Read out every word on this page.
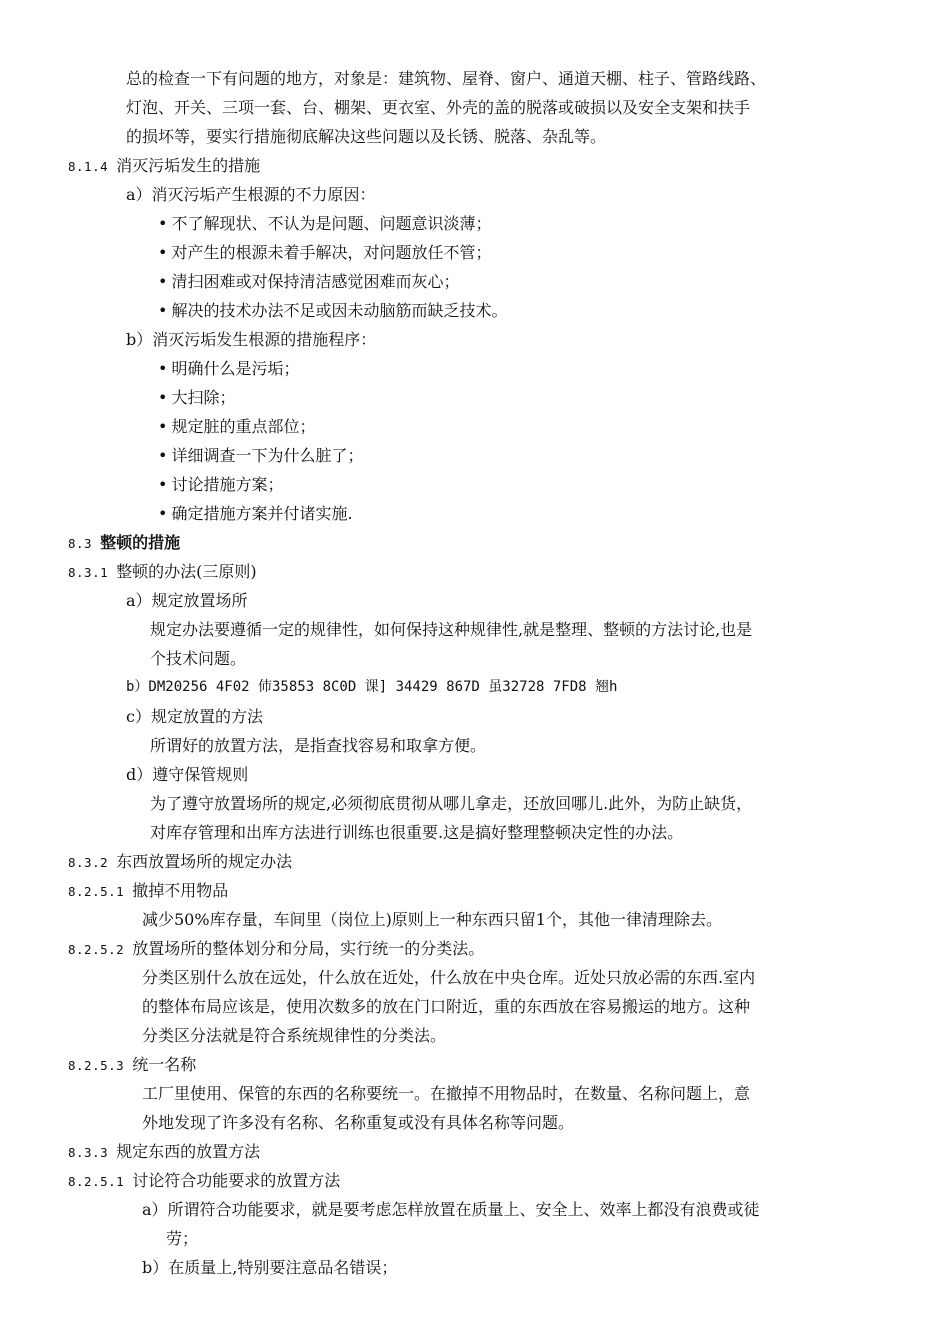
总的检查一下有问题的地方，对象是：建筑物、屋脊、窗户、通道天棚、柱子、管路线路、
灯泡、开关、三项一套、台、棚架、更衣室、外壳的盖的脱落或破损以及安全支架和扶手
的损坏等，要实行措施彻底解决这些问题以及长锈、脱落、杂乱等。
8.1.4 消灭污垢发生的措施
a）消灭污垢产生根源的不力原因：
• 不了解现状、不认为是问题、问题意识淡薄；
• 对产生的根源未着手解决，对问题放任不管；
• 清扫困难或对保持清洁感觉困难而灰心；
• 解决的技术办法不足或因未动脑筋而缺乏技术。
b）消灭污垢发生根源的措施程序：
• 明确什么是污垢；
• 大扫除；
• 规定脏的重点部位；
• 详细调查一下为什么脏了；
• 讨论措施方案；
• 确定措施方案并付诸实施.
8.3 整顿的措施
8.3.1 整顿的办法(三原则)
a）规定放置场所
规定办法要遵循一定的规律性，如何保持这种规律性,就是整理、整顿的方法讨论,也是
个技术问题。
b）DM20256 4F02 伂35853 8C0D 课] 34429 867D 虽32728 7FD8 翘h
c）规定放置的方法
所谓好的放置方法，是指查找容易和取拿方便。
d）遵守保管规则
为了遵守放置场所的规定,必须彻底贯彻从哪儿拿走，还放回哪儿.此外，为防止缺货，
对库存管理和出库方法进行训练也很重要.这是搞好整理整顿决定性的办法。
8.3.2 东西放置场所的规定办法
8.2.5.1 撤掉不用物品
减少50%库存量，车间里（岗位上)原则上一种东西只留1个，其他一律清理除去。
8.2.5.2 放置场所的整体划分和分局，实行统一的分类法。
分类区别什么放在远处，什么放在近处，什么放在中央仓库。近处只放必需的东西.室内
的整体布局应该是，使用次数多的放在门口附近，重的东西放在容易搬运的地方。这种
分类区分法就是符合系统规律性的分类法。
8.2.5.3 统一名称
工厂里使用、保管的东西的名称要统一。在撤掉不用物品时，在数量、名称问题上，意
外地发现了许多没有名称、名称重复或没有具体名称等问题。
8.3.3 规定东西的放置方法
8.2.5.1 讨论符合功能要求的放置方法
a）所谓符合功能要求，就是要考虑怎样放置在质量上、安全上、效率上都没有浪费或徒
劳；
b）在质量上,特别要注意品名错误；
